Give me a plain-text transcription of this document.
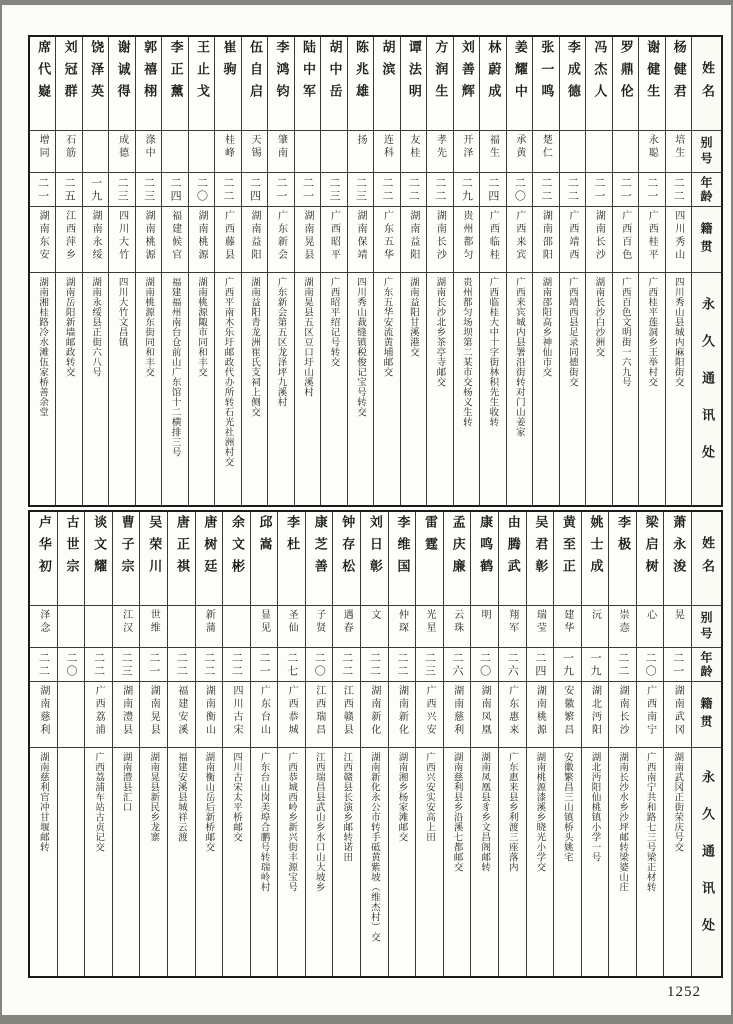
姓名
别号
年龄
籍贯
永久通讯处
杨健君
培生
二二
四川秀山
四川秀山县城内麻阳街交
谢健生
永聪
二一
广西桂平
广西桂平莲洞乡王举村交
罗鼎伦
二一
广西百色
广西百色文明街一六九号
冯杰人
二一
湖南长沙
湖南长沙白沙洲交
李成德
二二
广西靖西
广西靖西县足录同德街交
张一鸣
楚仁
二二
湖南邵阳
湖南邵阳高乡神仙市交
姜耀中
承黄
二〇
广西来宾
广西来宾城内县署沿街转对门山姜家
林蔚成
福生
二四
广西临桂
广西临桂大中十字街林积先生收转
刘善辉
开泽
二九
贵州都匀
贵州都匀场坝第二某市交杨义生转
方润生
孝先
二二
湖南长沙
湖南长沙北乡茶亭寺邮交
谭法明
友桂
二二
湖南益阳
湖南益阳甘溪港交
胡滨
连科
二二
广东五华
广东五华安流黄埔邮交
陈兆雄
扬
二三
湖南保靖
四川秀山裁缝镇税俊记宝号转交
胡中岳
二三
广西昭平
广西昭平绍记号转交
陆中军
二一
湖南晃县
湖南晃县五区豆口圩山溪村
李鸿钧
肇南
二一
广东新会
广东新会第五区龙泽坪九溪村
伍自启
天锡
二四
湖南益阳
湖南益阳青龙洲崔氏支祠上侧交
崔驹
桂峰
二二
广西藤县
广西平南木乐圩邮政代办所转石光社洲村交
王止戈
二〇
湖南桃源
湖南桃源陬市同和丰交
李正薰
二四
福建候官
福建福州南台仓前山广东馆十二横排三号
郭禧栩
涤中
二三
湖南桃源
湖南桃源东街同和丰交
谢诚得
成德
二三
四川大竹
四川大竹文昌镇
饶泽英
一九
湖南永绥
湖南永绥县正街六八号
刘冠群
石筋
二五
江西萍乡
湖南岳阳新墙邮政转交
席代嶷
增同
二一
湖南东安
湖南湘桂路冷水滩伍家桥善余堂
姓名
别号
年龄
籍贯
永久通讯处
萧永浚
晃
二一
湖南武冈
湖南武冈正街荣庆号交
梁启树
心
二〇
广西南宁
广西南宁共和路七三号梁正材转
李极
崇悫
二二
湖南长沙
湖南长沙水乡沙坪邮转梁婆山庄
姚士成
沅
一九
湖北沔阳
湖北沔阳仙桃镇小学一号
黄至正
建华
一九
安徽繁昌
安徽繁昌三山镇桥头姚宅
吴君彰
瑞莹
二四
湖南桃源
湖南桃源漆溪乡晓光小学交
由腾武
翔军
二六
广东惠来
广东惠来县乡利渡三座落内
康鸣鹤
明
二〇
湖南凤凰
湖南凤凰县豸乡文昌阁邮转
孟庆廉
云珠
二六
湖南慈利
湖南慈利县乡沿溪七都邮交
雷霆
光星
二三
广西兴安
广西兴安实安高上田
李维国
仲琛
二二
湖南新化
湖南湘乡杨家滩邮交
刘日彰
文
二二
湖南新化
湖南新化永公市转手砥黄紫坡（维杰村）交
钟存松
遇春
二二
江西赣县
江西赣县长演乡邮转诺田
康芝善
子贤
二〇
江西瑞昌
江西瑞昌县武山乡水口山大坡乡
李杜
圣仙
二七
广西恭城
广西恭城西岭乡新兴街丰源宝号
邱嵩
显见
二一
广东台山
广东台山岗美埠合鹏号转瑞岭村
余文彬
二二
四川古宋
四川古宋太平桥邮交
唐树廷
新蒲
二二
湖南衡山
湖南衡山岳后新桥邮交
唐正祺
二二
福建安溪
福建安溪县城祥云渡
吴荣川
世维
二一
湖南晃县
湖南晃县新民乡龙寨
曹子宗
江汉
二三
湖南澧县
湖南澧县汇口
谈文耀
二二
广西荔浦
广西荔浦车站古贞记交
古世宗
二〇
卢华初
泽念
二二
湖南慈利
湖南慈利官冲甘堰邮转
1252
